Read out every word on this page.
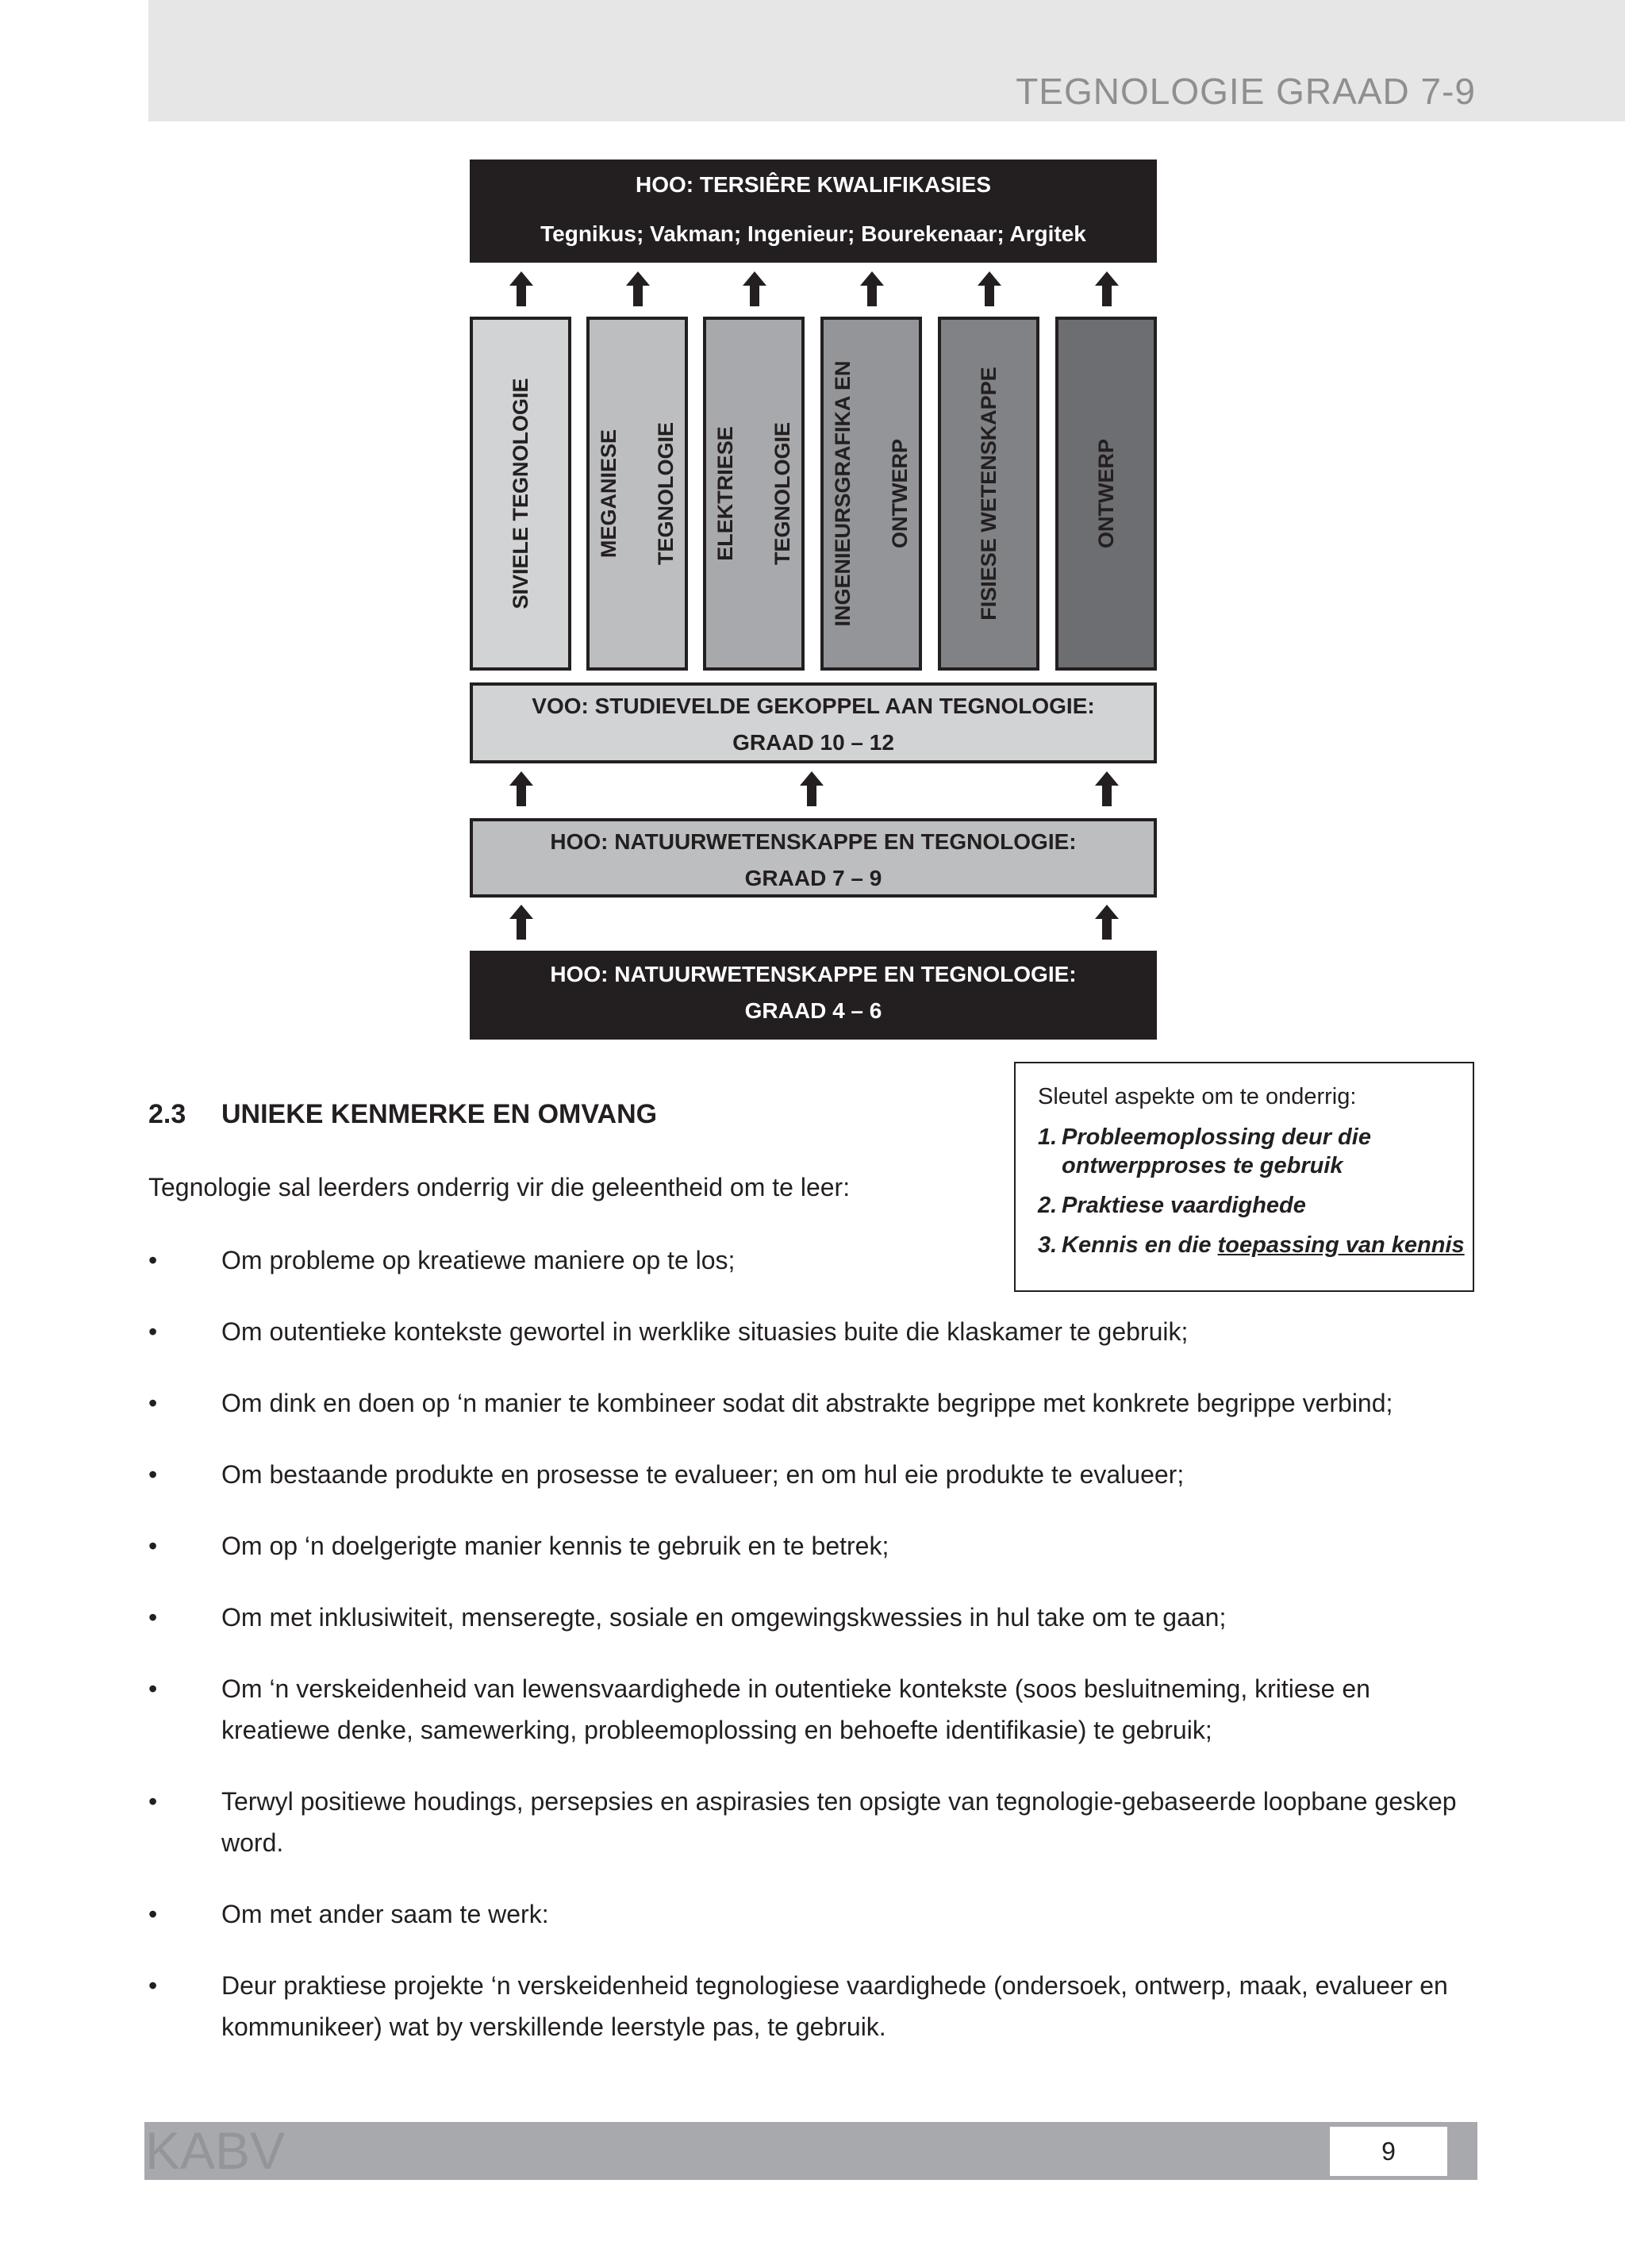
TEGNOLOGIE GRAAD 7-9
HOO: TERSIÊRE KWALIFIKASIES
Tegnikus; Vakman; Ingenieur; Bourekenaar; Argitek
SIVIELE TEGNOLOGIE	MEGANIESE	TEGNOLOGIE	ELEKTRIESE	TEGNOLOGIE	INGENIEURSGRAFIKA EN	ONTWERP	FISIESE WETENSKAPPE	ONTWERP
VOO: STUDIEVELDE GEKOPPEL AAN TEGNOLOGIE:
GRAAD 10 – 12
HOO: NATUURWETENSKAPPE EN TEGNOLOGIE:
GRAAD 7 – 9
HOO: NATUURWETENSKAPPE EN TEGNOLOGIE:
GRAAD 4 – 6
Sleutel aspekte om te onderrig:
1. Probleemoplossing deur die ontwerpproses te gebruik
2. Praktiese vaardighede
3. Kennis en die toepassing van kennis
2.3 UNIEKE KENMERKE EN OMVANG
Tegnologie sal leerders onderrig vir die geleentheid om te leer:
•	Om probleme op kreatiewe maniere op te los;
•	Om outentieke kontekste gewortel in werklike situasies buite die klaskamer te gebruik;
•	Om dink en doen op ‘n manier te kombineer sodat dit abstrakte begrippe met konkrete begrippe verbind;
•	Om bestaande produkte en prosesse te evalueer; en om hul eie produkte te evalueer;
•	Om op ‘n doelgerigte manier kennis te gebruik en te betrek;
•	Om met inklusiwiteit, menseregte, sosiale en omgewingskwessies in hul take om te gaan;
•	Om ‘n verskeidenheid van lewensvaardighede in outentieke kontekste (soos besluitneming, kritiese en kreatiewe denke, samewerking, probleemoplossing en behoefte identifikasie) te gebruik;
•	Terwyl positiewe houdings, persepsies en aspirasies ten opsigte van tegnologie-gebaseerde loopbane geskep word.
•	Om met ander saam te werk:
•	Deur praktiese projekte ‘n verskeidenheid tegnologiese vaardighede (ondersoek, ontwerp, maak, evalueer en kommunikeer) wat by verskillende leerstyle pas, te gebruik.
KABV	9
